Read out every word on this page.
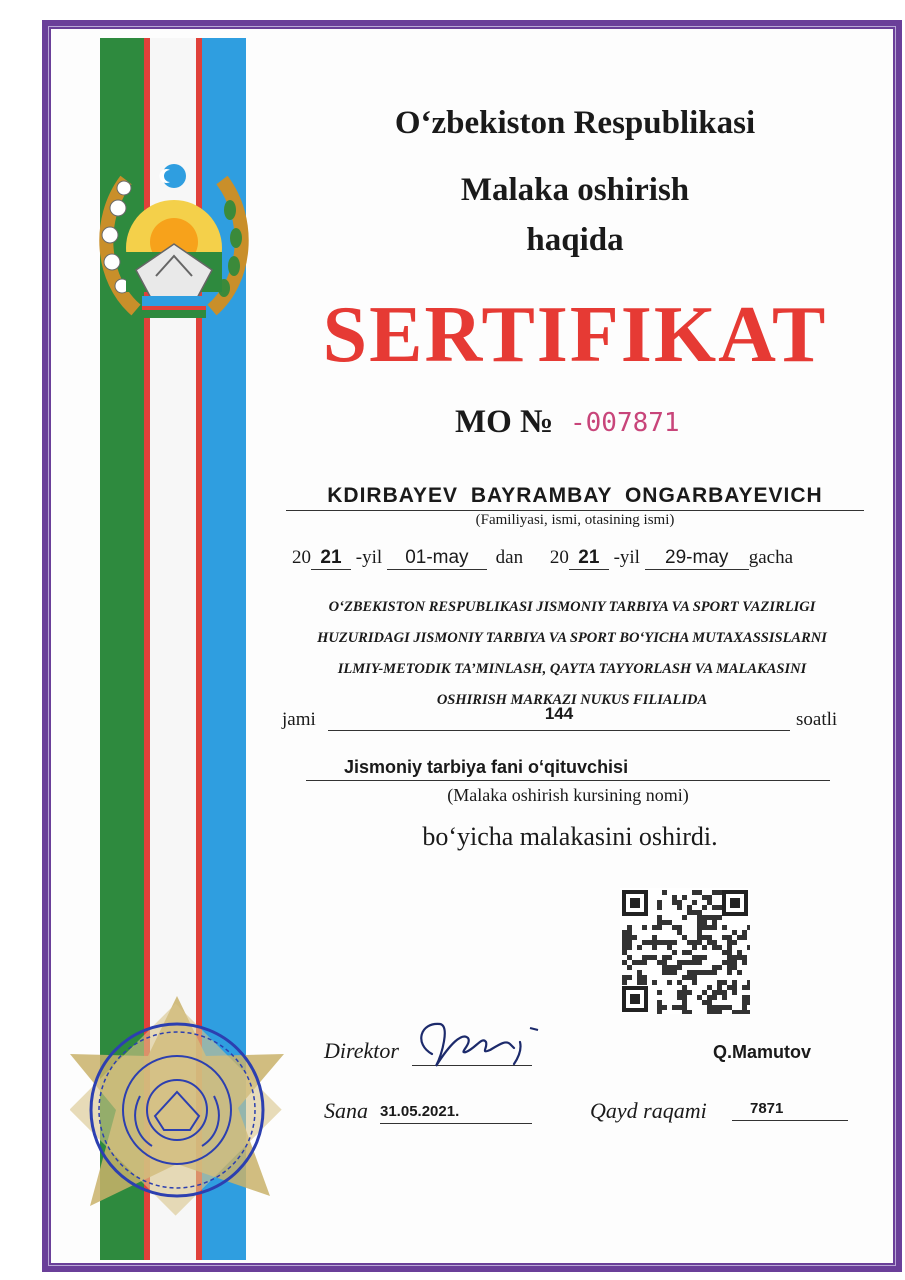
O‘zbekiston Respublikasi
Malaka oshirish
haqida
SERTIFIKAT
MO № -007871
KDIRBAYEV BAYRAMBAY ONGARBAYEVICH
(Familiyasi, ismi, otasining ismi)
20 21 -yil 01-may dan 20 21 -yil 29-may gacha
O‘ZBEKISTON RESPUBLIKASI JISMONIY TARBIYA VA SPORT VAZIRLIGI
HUZURIDAGI JISMONIY TARBIYA VA SPORT BO‘YICHA MUTAXASSISLARNI
ILMIY-METODIK TA’MINLASH, QAYTA TAYYORLASH VA MALAKASINI
OSHIRISH MARKAZI NUKUS FILIALIDA
jami	144	soatli
Jismoniy tarbiya fani o‘qituvchisi
(Malaka oshirish kursining nomi)
bo‘yicha malakasini oshirdi.
Direktor	Q.Mamutov
Sana 31.05.2021.	Qayd raqami	7871
